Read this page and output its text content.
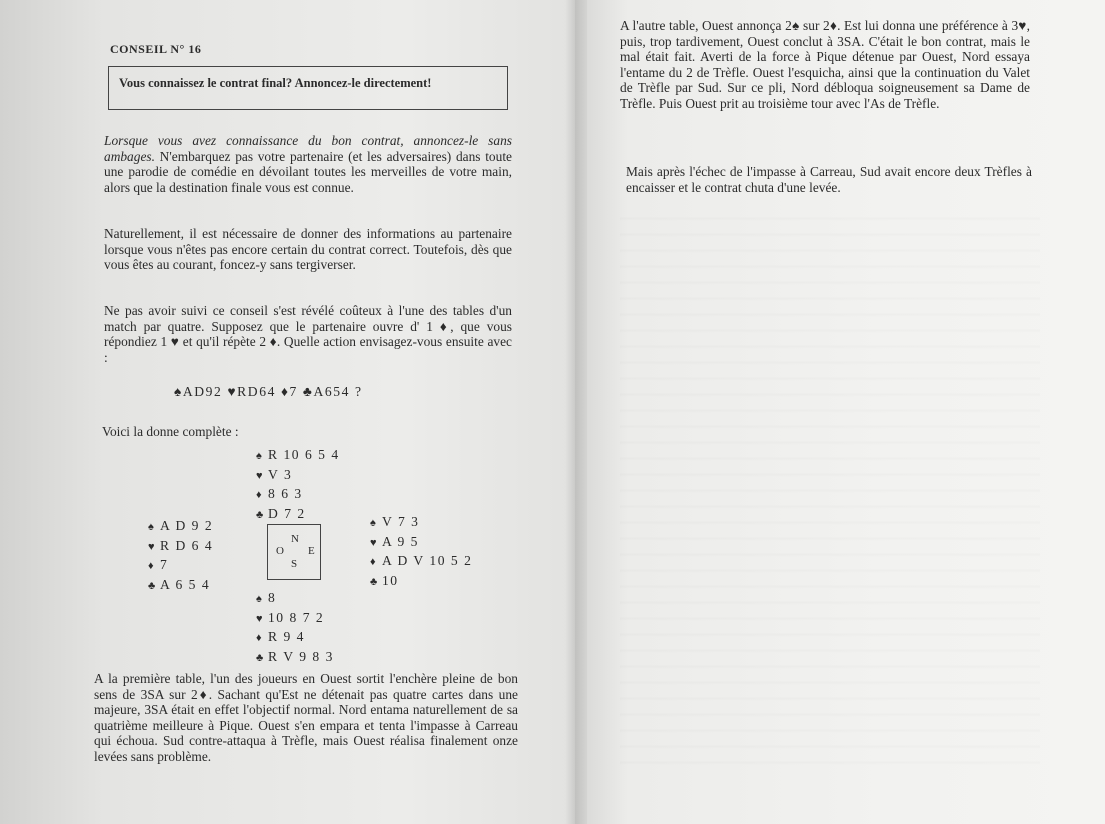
CONSEIL N° 16
Vous connaissez le contrat final? Annoncez-le directement!

Lorsque vous avez connaissance du bon contrat, annoncez-le sans ambages. N'embarquez pas votre partenaire (et les adversaires) dans toute une parodie de comédie en dévoilant toutes les merveilles de votre main, alors que la destination finale vous est connue.

Naturellement, il est nécessaire de donner des informations au partenaire lorsque vous n'êtes pas encore certain du contrat correct. Toutefois, dès que vous êtes au courant, foncez-y sans tergiverser.

Ne pas avoir suivi ce conseil s'est révélé coûteux à l'une des tables d'un match par quatre. Supposez que le partenaire ouvre d' 1 ♦, que vous répondiez 1 ♥ et qu'il répète 2 ♦. Quelle action envisagez-vous ensuite avec :

♠AD92 ♥RD64 ♦7 ♣A654 ?
Voici la donne complète :
♠ R 10 6 5 4
♥ V 3
♦ 8 6 3
♣ D 7 2
♠ A D 9 2
♥ R D 6 4
♦ 7
♣ A 6 5 4
N
O E
S
♠ V 7 3
♥ A 9 5
♦ A D V 10 5 2
♣ 10
♠ 8
♥ 10 8 7 2
♦ R 9 4
♣ R V 9 8 3

A la première table, l'un des joueurs en Ouest sortit l'enchère pleine de bon sens de 3SA sur 2♦. Sachant qu'Est ne détenait pas quatre cartes dans une majeure, 3SA était en effet l'objectif normal. Nord entama naturellement de sa quatrième meilleure à Pique. Ouest s'en empara et tenta l'impasse à Carreau qui échoua. Sud contre-attaqua à Trèfle, mais Ouest réalisa finalement onze levées sans problème.

A l'autre table, Ouest annonça 2♠ sur 2♦. Est lui donna une préférence à 3♥, puis, trop tardivement, Ouest conclut à 3SA. C'était le bon contrat, mais le mal était fait. Averti de la force à Pique détenue par Ouest, Nord essaya l'entame du 2 de Trèfle. Ouest l'esquicha, ainsi que la continuation du Valet de Trèfle par Sud. Sur ce pli, Nord débloqua soigneusement sa Dame de Trèfle. Puis Ouest prit au troisième tour avec l'As de Trèfle.

Mais après l'échec de l'impasse à Carreau, Sud avait encore deux Trèfles à encaisser et le contrat chuta d'une levée.
